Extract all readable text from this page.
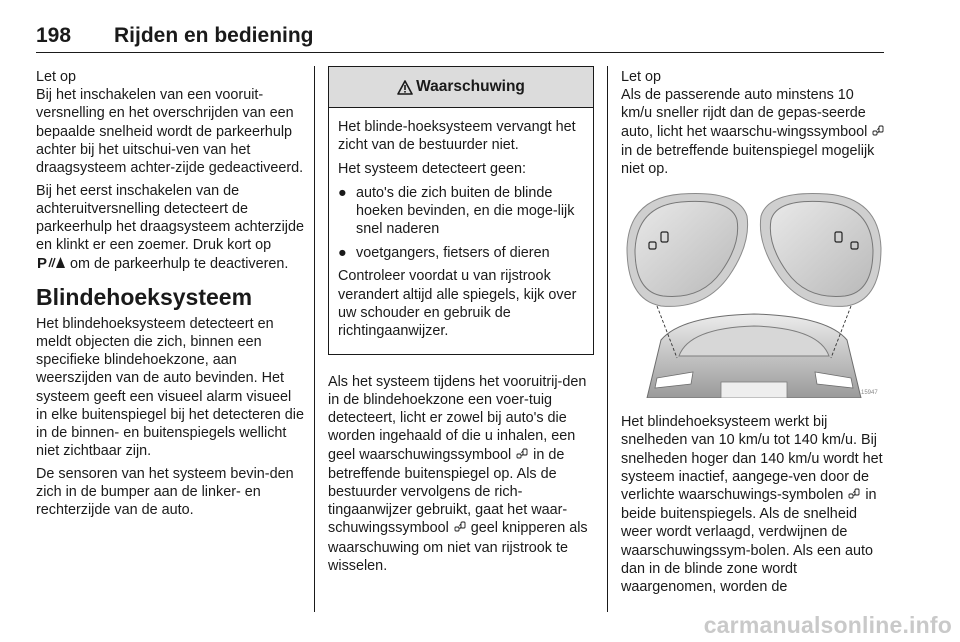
198 Rijden en bediening
Let op

Bij het inschakelen van een vooruit-versnelling en het overschrijden van een bepaalde snelheid wordt de parkeerhulp achter bij het uitschui-ven van het draagsysteem achter-zijde gedeactiveerd.

Bij het eerst inschakelen van de achteruitversnelling detecteert de parkeerhulp het draagsysteem achterzijde en klinkt er een zoemer. Druk kort op
P om de parkeerhulp te deactiveren.

Blindehoeksysteem

Het blindehoeksysteem detecteert en meldt objecten die zich, binnen een specifieke blindehoekzone, aan weerszijden van de auto bevinden. Het systeem geeft een visueel alarm visueel in elke buitenspiegel bij het detecteren die in de binnen- en buitenspiegels wellicht niet zichtbaar zijn.

De sensoren van het systeem bevin-den zich in de bumper aan de linker- en rechterzijde van de auto.

Waarschuwing

Het blinde-hoeksysteem vervangt het zicht van de bestuurder niet.

Het systeem detecteert geen:

● auto's die zich buiten de blinde hoeken bevinden, en die moge-lijk snel naderen
● voetgangers, fietsers of dieren

Controleer voordat u van rijstrook verandert altijd alle spiegels, kijk over uw schouder en gebruik de richtingaanwijzer.

Als het systeem tijdens het vooruitrij-den in de blindehoekzone een voer-tuig detecteert, licht er zowel bij auto's die worden ingehaald of die u inhalen, een geel waarschuwingssymbool in de betreffende buitenspiegel op. Als de bestuurder vervolgens de rich-tingaanwijzer gebruikt, gaat het waar-schuwingssymbool geel knipperen als waarschuwing om niet van rijstrook te wisselen.

Let op

Als de passerende auto minstens 10 km/u sneller rijdt dan de gepas-seerde auto, licht het waarschu-wingssymbool  in de betreffende buitenspiegel mogelijk niet op.

15947

Het blindehoeksysteem werkt bij snelheden van 10 km/u tot 140 km/u. Bij snelheden hoger dan 140 km/u wordt het systeem inactief, aangege-ven door de verlichte waarschuwings-symbolen in beide buitenspiegels. Als de snelheid weer wordt verlaagd, verdwijnen de waarschuwingssym-bolen. Als een auto dan in de blinde zone wordt waargenomen, worden de

carmanualsonline.info
